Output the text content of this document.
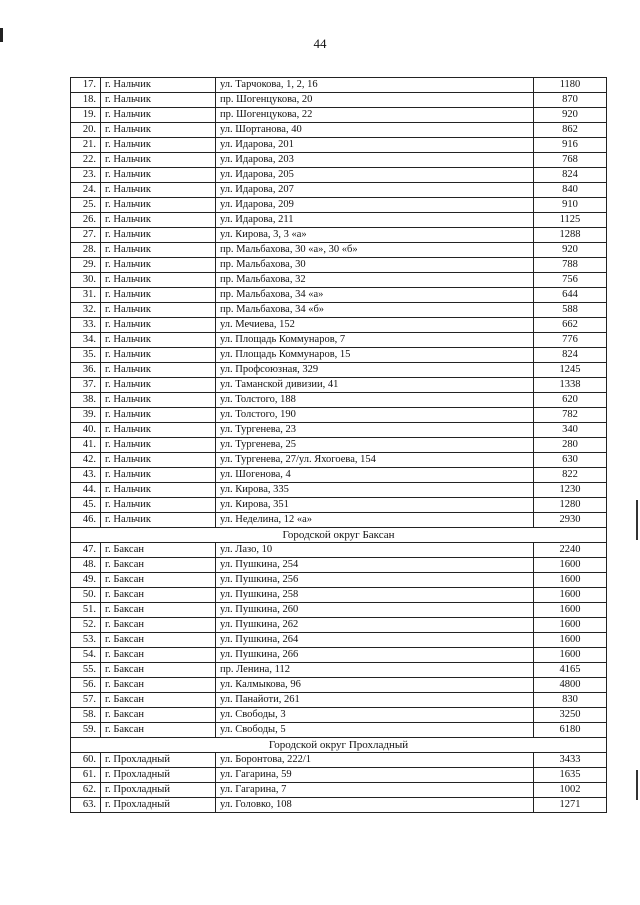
44
17.	г. Нальчик	ул. Тарчокова, 1, 2, 16	1180
18.	г. Нальчик	пр. Шогенцукова, 20	870
19.	г. Нальчик	пр. Шогенцукова, 22	920
20.	г. Нальчик	ул. Шортанова, 40	862
21.	г. Нальчик	ул. Идарова, 201	916
22.	г. Нальчик	ул. Идарова, 203	768
23.	г. Нальчик	ул. Идарова, 205	824
24.	г. Нальчик	ул. Идарова, 207	840
25.	г. Нальчик	ул. Идарова, 209	910
26.	г. Нальчик	ул. Идарова, 211	1125
27.	г. Нальчик	ул. Кирова, 3, 3 «а»	1288
28.	г. Нальчик	пр. Мальбахова, 30 «а», 30 «б»	920
29.	г. Нальчик	пр. Мальбахова, 30	788
30.	г. Нальчик	пр. Мальбахова, 32	756
31.	г. Нальчик	пр. Мальбахова, 34 «а»	644
32.	г. Нальчик	пр. Мальбахова, 34 «б»	588
33.	г. Нальчик	ул. Мечиева, 152	662
34.	г. Нальчик	ул. Площадь Коммунаров, 7	776
35.	г. Нальчик	ул. Площадь Коммунаров, 15	824
36.	г. Нальчик	ул. Профсоюзная, 329	1245
37.	г. Нальчик	ул. Таманской дивизии, 41	1338
38.	г. Нальчик	ул. Толстого, 188	620
39.	г. Нальчик	ул. Толстого, 190	782
40.	г. Нальчик	ул. Тургенева, 23	340
41.	г. Нальчик	ул. Тургенева, 25	280
42.	г. Нальчик	ул. Тургенева, 27/ул. Яхогоева, 154	630
43.	г. Нальчик	ул. Шогенова, 4	822
44.	г. Нальчик	ул. Кирова, 335	1230
45.	г. Нальчик	ул. Кирова, 351	1280
46.	г. Нальчик	ул. Неделина, 12 «а»	2930
Городской округ Баксан			
47.	г. Баксан	ул. Лазо, 10	2240
48.	г. Баксан	ул. Пушкина, 254	1600
49.	г. Баксан	ул. Пушкина, 256	1600
50.	г. Баксан	ул. Пушкина, 258	1600
51.	г. Баксан	ул. Пушкина, 260	1600
52.	г. Баксан	ул. Пушкина, 262	1600
53.	г. Баксан	ул. Пушкина, 264	1600
54.	г. Баксан	ул. Пушкина, 266	1600
55.	г. Баксан	пр. Ленина, 112	4165
56.	г. Баксан	ул. Калмыкова, 96	4800
57.	г. Баксан	ул. Панайоти, 261	830
58.	г. Баксан	ул. Свободы, 3	3250
59.	г. Баксан	ул. Свободы, 5	6180
Городской округ Прохладный			
60.	г. Прохладный	ул. Боронтова, 222/1	3433
61.	г. Прохладный	ул. Гагарина, 59	1635
62.	г. Прохладный	ул. Гагарина, 7	1002
63.	г. Прохладный	ул. Головко, 108	1271
